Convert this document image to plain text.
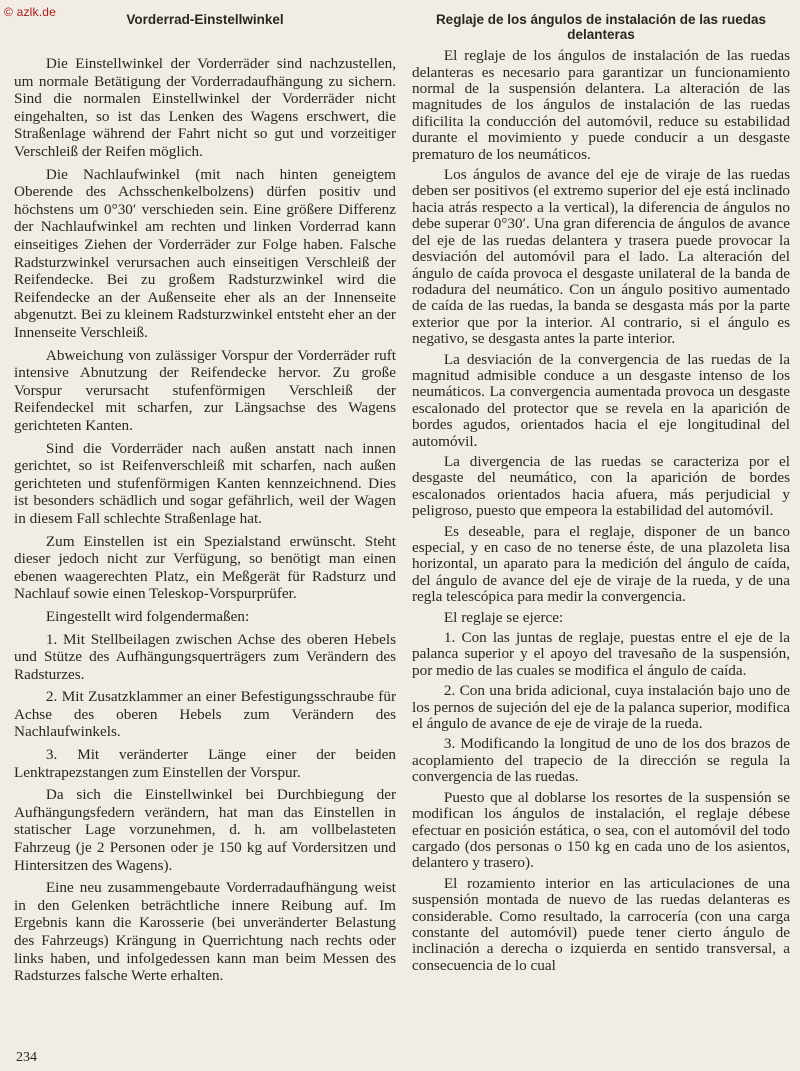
© azlk.de	Vorderrad-Einstellwinkel

Die Einstellwinkel der Vorderräder sind nachzustellen, um normale Betätigung der Vorderradaufhängung zu sichern. Sind die normalen Einstellwinkel der Vorderräder nicht eingehalten, so ist das Lenken des Wagens erschwert, die Straßenlage während der Fahrt nicht so gut und vorzeitiger Verschleiß der Reifen möglich.

Die Nachlaufwinkel (mit nach hinten geneigtem Oberende des Achsschenkelbolzens) dürfen positiv und höchstens um 0°30′ verschieden sein. Eine größere Differenz der Nachlaufwinkel am rechten und linken Vorderrad kann einseitiges Ziehen der Vorderräder zur Folge haben. Falsche Radsturzwinkel verursachen auch einseitigen Verschleiß der Reifendecke. Bei zu großem Radsturzwinkel wird die Reifendecke an der Außenseite eher als an der Innenseite abgenutzt. Bei zu kleinem Radsturzwinkel entsteht eher an der Innenseite Verschleiß.

Abweichung von zulässiger Vorspur der Vorderräder ruft intensive Abnutzung der Reifendecke hervor. Zu große Vorspur verursacht stufenförmigen Verschleiß der Reifendeckel mit scharfen, zur Längsachse des Wagens gerichteten Kanten.

Sind die Vorderräder nach außen anstatt nach innen gerichtet, so ist Reifenverschleiß mit scharfen, nach außen gerichteten und stufenförmigen Kanten kennzeichnend. Dies ist besonders schädlich und sogar gefährlich, weil der Wagen in diesem Fall schlechte Straßenlage hat.

Zum Einstellen ist ein Spezialstand erwünscht. Steht dieser jedoch nicht zur Verfügung, so benötigt man einen ebenen waagerechten Platz, ein Meßgerät für Radsturz und Nachlauf sowie einen Teleskop-Vorspurprüfer.

Eingestellt wird folgendermaßen:

1. Mit Stellbeilagen zwischen Achse des oberen Hebels und Stütze des Aufhängungsquerträgers zum Verändern des Radsturzes.

2. Mit Zusatzklammer an einer Befestigungsschraube für Achse des oberen Hebels zum Verändern des Nachlaufwinkels.

3. Mit veränderter Länge einer der beiden Lenktrapezstangen zum Einstellen der Vorspur.

Da sich die Einstellwinkel bei Durchbiegung der Aufhängungsfedern verändern, hat man das Einstellen in statischer Lage vorzunehmen, d. h. am vollbelasteten Fahrzeug (je 2 Personen oder je 150 kg auf Vordersitzen und Hintersitzen des Wagens).

Eine neu zusammengebaute Vorderradaufhängung weist in den Gelenken beträchtliche innere Reibung auf. Im Ergebnis kann die Karosserie (bei unveränderter Belastung des Fahrzeugs) Krängung in Querrichtung nach rechts oder links haben, und infolgedessen kann man beim Messen des Radsturzes falsche Werte erhalten.

Reglaje de los ángulos de instalación de las ruedas delanteras

El reglaje de los ángulos de instalación de las ruedas delanteras es necesario para garantizar un funcionamiento normal de la suspensión delantera. La alteración de las magnitudes de los ángulos de instalación de las ruedas dificilita la conducción del automóvil, reduce su estabilidad durante el movimiento y puede conducir a un desgaste prematuro de los neumáticos.

Los ángulos de avance del eje de viraje de las ruedas deben ser positivos (el extremo superior del eje está inclinado hacia atrás respecto a la vertical), la diferencia de ángulos no debe superar 0°30′. Una gran diferencia de ángulos de avance del eje de las ruedas delantera y trasera puede provocar la desviación del automóvil para el lado. La alteración del ángulo de caída provoca el desgaste unilateral de la banda de rodadura del neumático. Con un ángulo positivo aumentado de caída de las ruedas, la banda se desgasta más por la parte exterior que por la interior. Al contrario, si el ángulo es negativo, se desgasta antes la parte interior.

La desviación de la convergencia de las ruedas de la magnitud admisible conduce a un desgaste intenso de los neumáticos. La convergencia aumentada provoca un desgaste escalonado del protector que se revela en la aparición de bordes agudos, orientados hacia el eje longitudinal del automóvil.

La divergencia de las ruedas se caracteriza por el desgaste del neumático, con la aparición de bordes escalonados orientados hacia afuera, más perjudicial y peligroso, puesto que empeora la estabilidad del automóvil.

Es deseable, para el reglaje, disponer de un banco especial, y en caso de no tenerse éste, de una plazoleta lisa horizontal, un aparato para la medición del ángulo de caída, del ángulo de avance del eje de viraje de la rueda, y de una regla telescópica para medir la convergencia.

El reglaje se ejerce:

1. Con las juntas de reglaje, puestas entre el eje de la palanca superior y el apoyo del travesaño de la suspensión, por medio de las cuales se modifica el ángulo de caída.

2. Con una brida adicional, cuya instalación bajo uno de los pernos de sujeción del eje de la palanca superior, modifica el ángulo de avance de eje de viraje de la rueda.

3. Modificando la longitud de uno de los dos brazos de acoplamiento del trapecio de la dirección se regula la convergencia de las ruedas.

Puesto que al doblarse los resortes de la suspensión se modifican los ángulos de instalación, el reglaje débese efectuar en posición estática, o sea, con el automóvil del todo cargado (dos personas o 150 kg en cada uno de los asientos, delantero y trasero).

El rozamiento interior en las articulaciones de una suspensión montada de nuevo de las ruedas delanteras es considerable. Como resultado, la carrocería (con una carga constante del automóvil) puede tener cierto ángulo de inclinación a derecha o izquierda en sentido transversal, a consecuencia de lo cual

234
